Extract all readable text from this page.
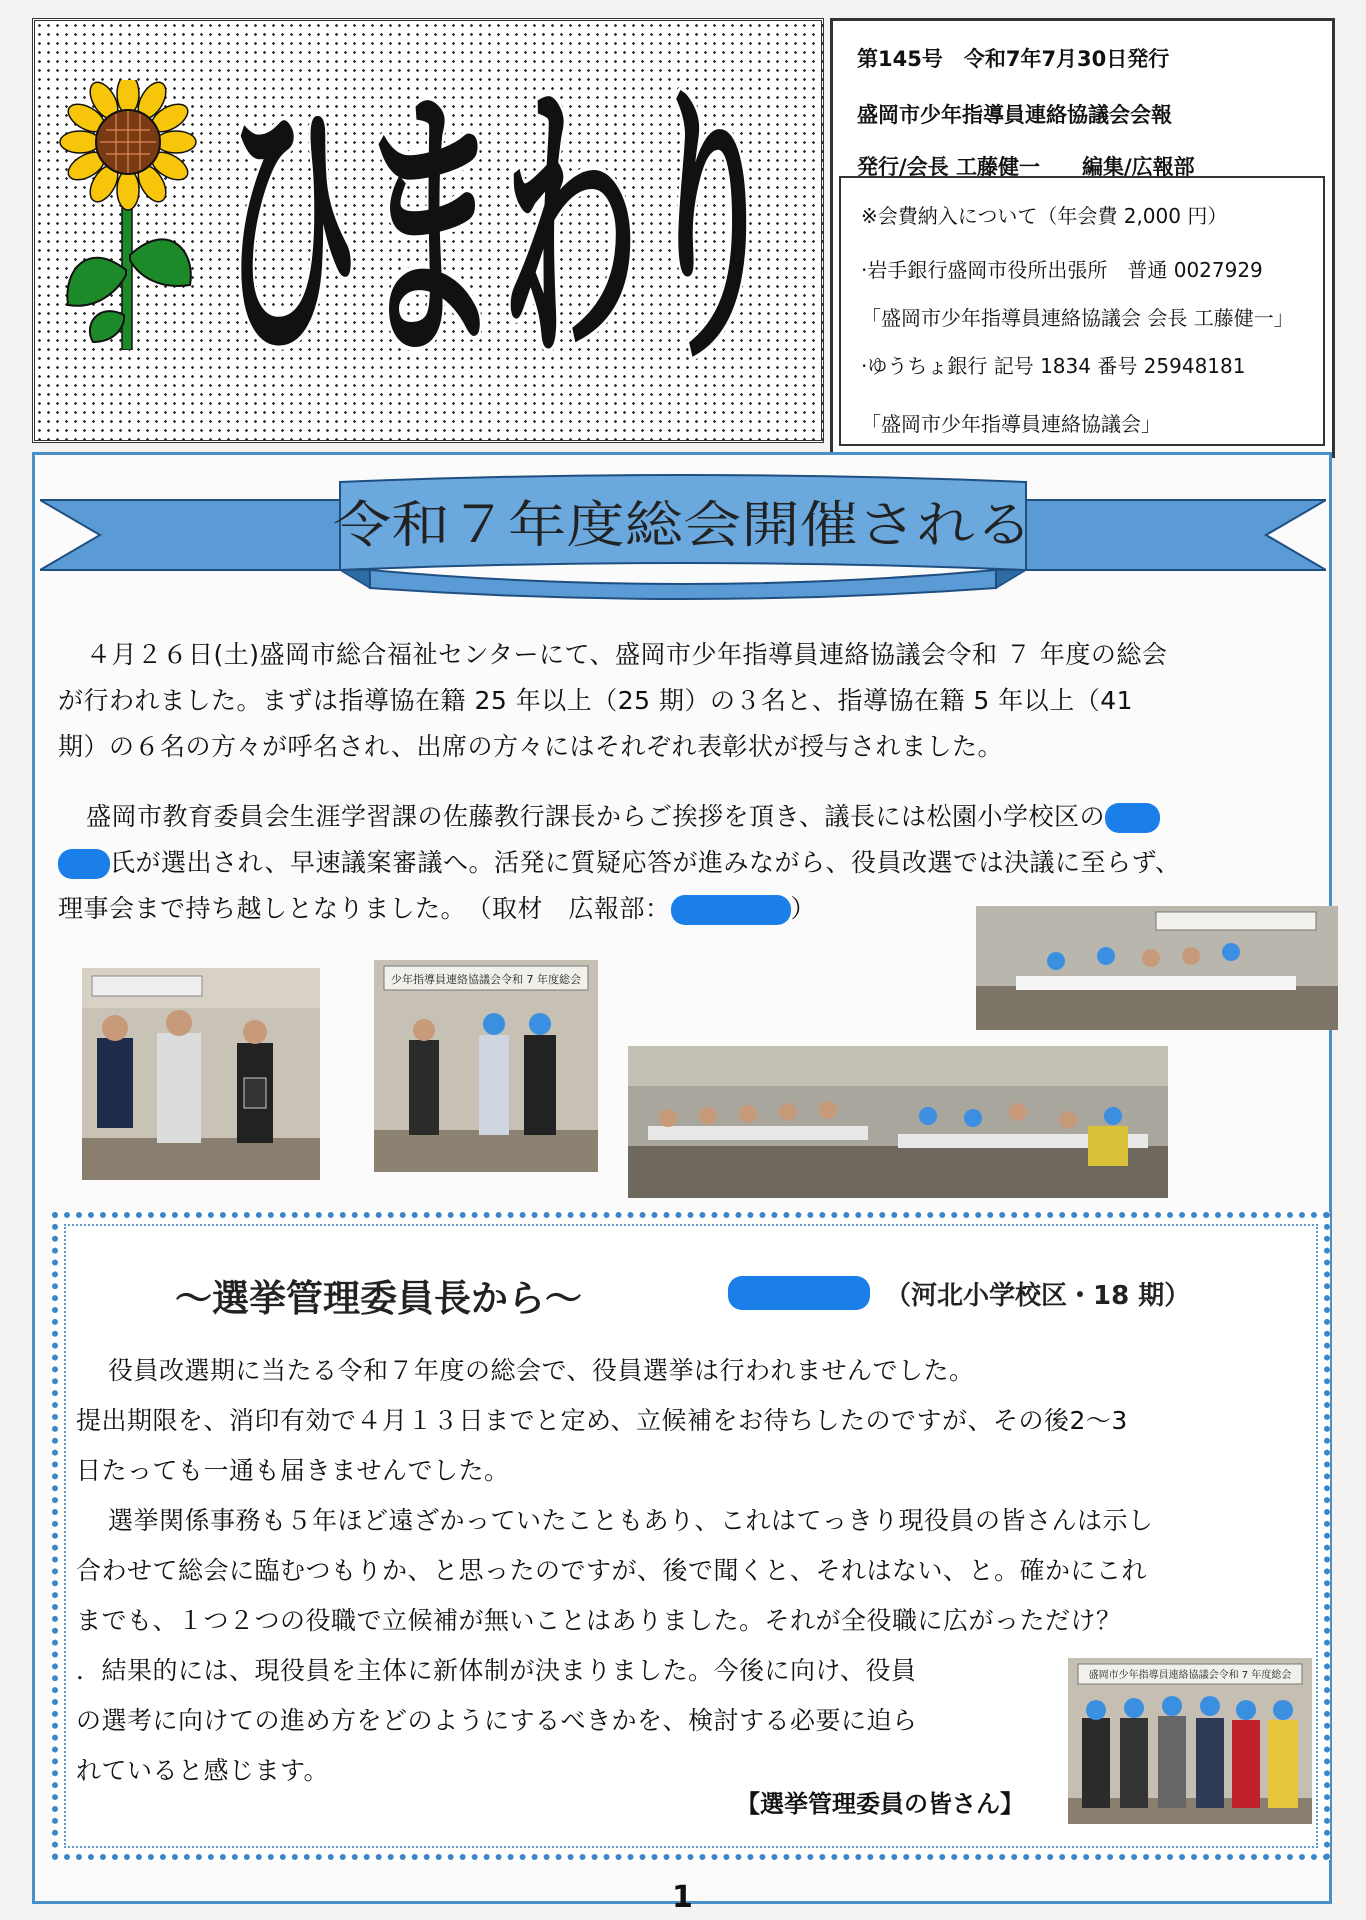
ひまわり
第145号　令和7年7月30日発行
盛岡市少年指導員連絡協議会会報
発行/会長 工藤健一　　編集/広報部
※会費納入について（年会費 2,000 円）
·岩手銀行盛岡市役所出張所　普通 0027929
「盛岡市少年指導員連絡協議会 会長 工藤健一」
·ゆうちょ銀行 記号 1834 番号 25948181
「盛岡市少年指導員連絡協議会」
令和７年度総会開催される
４月２６日(土)盛岡市総合福祉センターにて、盛岡市少年指導員連絡協議会令和 ７ 年度の総会
が行われました。まずは指導協在籍 25 年以上（25 期）の３名と、指導協在籍 5 年以上（41
期）の６名の方々が呼名され、出席の方々にはそれぞれ表彰状が授与されました。
盛岡市教育委員会生涯学習課の佐藤教行課長からご挨拶を頂き、議長には松園小学校区の
氏が選出され、早速議案審議へ。活発に質疑応答が進みながら、役員改選では決議に至らず、
理事会まで持ち越しとなりました。　（取材　広報部：	）
少年指導員連絡協議会令和 7 年度総会
～選挙管理委員長から～	（河北小学校区・18 期）
役員改選期に当たる令和７年度の総会で、役員選挙は行われませんでした。
提出期限を、消印有効で４月１３日までと定め、立候補をお待ちしたのですが、その後2～3
日たっても一通も届きませんでした。
選挙関係事務も５年ほど遠ざかっていたこともあり、これはてっきり現役員の皆さんは示し
合わせて総会に臨むつもりか、と思ったのですが、後で聞くと、それはない、と。確かにこれ
までも、１つ２つの役職で立候補が無いことはありました。それが全役職に広がっただけ？
．結果的には、現役員を主体に新体制が決まりました。今後に向け、役員
の選考に向けての進め方をどのようにするべきかを、検討する必要に迫ら
れていると感じます。
盛岡市少年指導員連絡協議会令和 7 年度総会
【選挙管理委員の皆さん】
1
